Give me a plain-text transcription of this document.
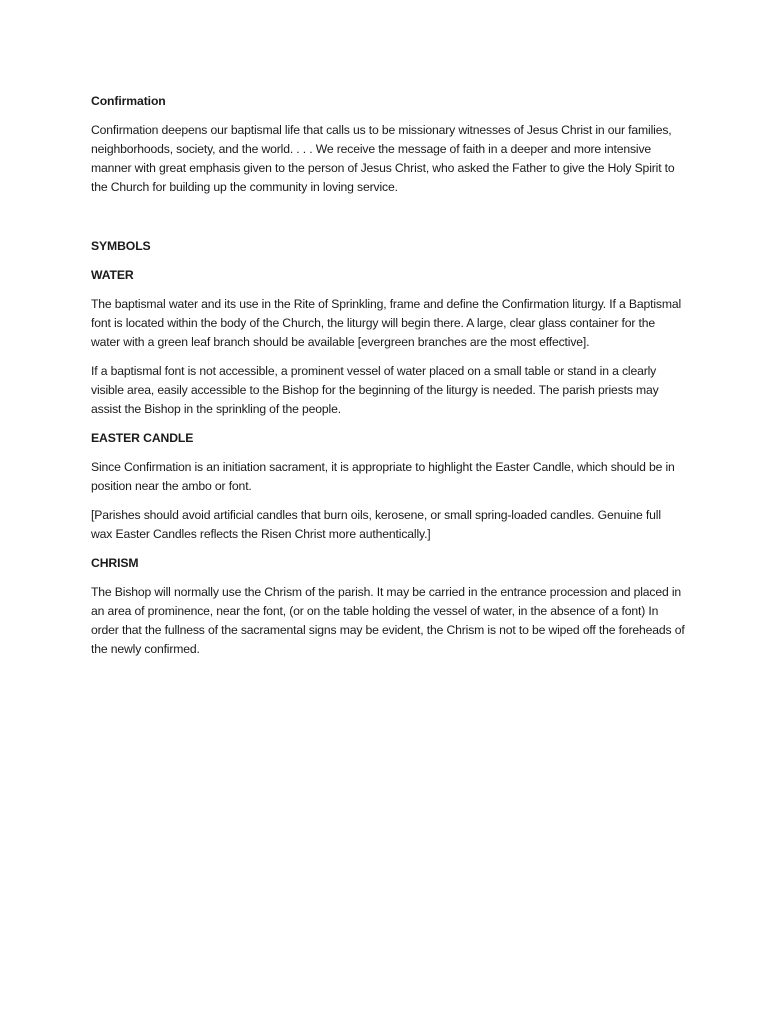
Confirmation
Confirmation deepens our baptismal life that calls us to be missionary witnesses of Jesus Christ in our families, neighborhoods, society, and the world. . . . We receive the message of faith in a deeper and more intensive manner with great emphasis given to the person of Jesus Christ, who asked the Father to give the Holy Spirit to the Church for building up the community in loving service.
SYMBOLS
WATER
The baptismal water and its use in the Rite of Sprinkling, frame and define the Confirmation liturgy. If a Baptismal font is located within the body of the Church, the liturgy will begin there. A large, clear glass container for the water with a green leaf branch should be available [evergreen branches are the most effective].
If a baptismal font is not accessible, a prominent vessel of water placed on a small table or stand in a clearly visible area, easily accessible to the Bishop for the beginning of the liturgy is needed. The parish priests may assist the Bishop in the sprinkling of the people.
EASTER CANDLE
Since Confirmation is an initiation sacrament, it is appropriate to highlight the Easter Candle, which should be in position near the ambo or font.
[Parishes should avoid artificial candles that burn oils, kerosene, or small spring-loaded candles. Genuine full wax Easter Candles reflects the Risen Christ more authentically.]
CHRISM
The Bishop will normally use the Chrism of the parish. It may be carried in the entrance procession and placed in an area of prominence, near the font, (or on the table holding the vessel of water, in the absence of a font) In order that the fullness of the sacramental signs may be evident, the Chrism is not to be wiped off the foreheads of the newly confirmed.
